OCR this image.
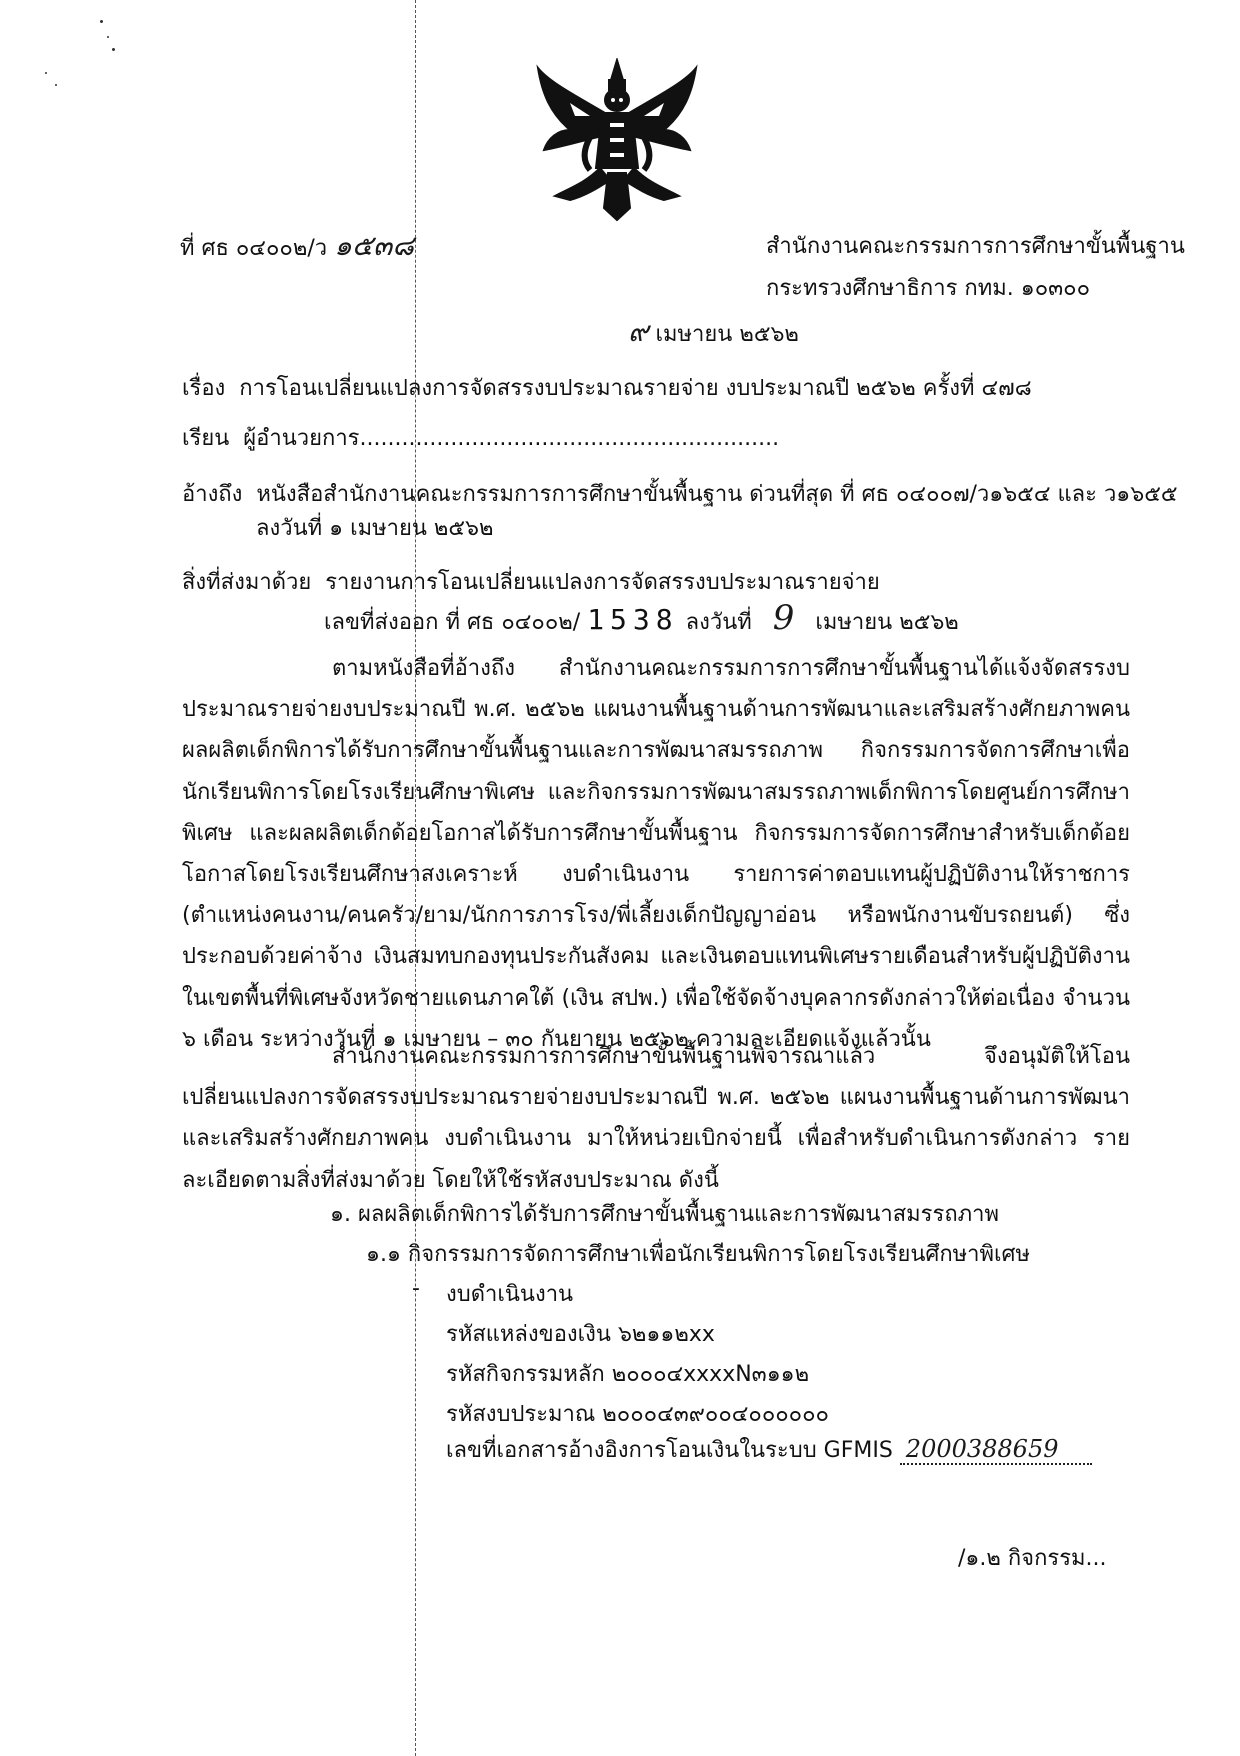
ที่ ศธ ๐๔๐๐๒/ว ๑๕๓๘	สำนักงานคณะกรรมการการศึกษาขั้นพื้นฐาน
กระทรวงศึกษาธิการ กทม. ๑๐๓๐๐
๙ เมษายน ๒๕๖๒
เรื่อง การโอนเปลี่ยนแปลงการจัดสรรงบประมาณรายจ่าย งบประมาณปี ๒๕๖๒ ครั้งที่ ๔๗๘
เรียน ผู้อำนวยการ............................................................
อ้างถึง หนังสือสำนักงานคณะกรรมการการศึกษาขั้นพื้นฐาน ด่วนที่สุด ที่ ศธ ๐๔๐๐๗/ว๑๖๕๔ และ ว๑๖๕๕
ลงวันที่ ๑ เมษายน ๒๕๖๒
สิ่งที่ส่งมาด้วย รายงานการโอนเปลี่ยนแปลงการจัดสรรงบประมาณรายจ่าย
เลขที่ส่งออก ที่ ศธ ๐๔๐๐๒/ 1538 ลงวันที่ 9 เมษายน ๒๕๖๒
ตามหนังสือที่อ้างถึง สำนักงานคณะกรรมการการศึกษาขั้นพื้นฐานได้แจ้งจัดสรรงบประมาณรายจ่ายงบประมาณปี พ.ศ. ๒๕๖๒ แผนงานพื้นฐานด้านการพัฒนาและเสริมสร้างศักยภาพคน ผลผลิตเด็กพิการได้รับการศึกษาขั้นพื้นฐานและการพัฒนาสมรรถภาพ กิจกรรมการจัดการศึกษาเพื่อนักเรียนพิการโดยโรงเรียนศึกษาพิเศษ และกิจกรรมการพัฒนาสมรรถภาพเด็กพิการโดยศูนย์การศึกษาพิเศษ และผลผลิตเด็กด้อยโอกาสได้รับการศึกษาขั้นพื้นฐาน กิจกรรมการจัดการศึกษาสำหรับเด็กด้อยโอกาสโดยโรงเรียนศึกษาสงเคราะห์ งบดำเนินงาน รายการค่าตอบแทนผู้ปฏิบัติงานให้ราชการ (ตำแหน่งคนงาน/คนครัว/ยาม/นักการภารโรง/พี่เลี้ยงเด็กปัญญาอ่อน หรือพนักงานขับรถยนต์) ซึ่งประกอบด้วยค่าจ้าง เงินสมทบกองทุนประกันสังคม และเงินตอบแทนพิเศษรายเดือนสำหรับผู้ปฏิบัติงานในเขตพื้นที่พิเศษจังหวัดชายแดนภาคใต้ (เงิน สปพ.) เพื่อใช้จัดจ้างบุคลากรดังกล่าวให้ต่อเนื่อง จำนวน ๖ เดือน ระหว่างวันที่ ๑ เมษายน – ๓๐ กันยายน ๒๕๖๒ ความละเอียดแจ้งแล้วนั้น
สำนักงานคณะกรรมการการศึกษาขั้นพื้นฐานพิจารณาแล้ว จึงอนุมัติให้โอนเปลี่ยนแปลงการจัดสรรงบประมาณรายจ่ายงบประมาณปี พ.ศ. ๒๕๖๒ แผนงานพื้นฐานด้านการพัฒนาและเสริมสร้างศักยภาพคน งบดำเนินงาน มาให้หน่วยเบิกจ่ายนี้ เพื่อสำหรับดำเนินการดังกล่าว รายละเอียดตามสิ่งที่ส่งมาด้วย โดยให้ใช้รหัสงบประมาณ ดังนี้
๑. ผลผลิตเด็กพิการได้รับการศึกษาขั้นพื้นฐานและการพัฒนาสมรรถภาพ
๑.๑ กิจกรรมการจัดการศึกษาเพื่อนักเรียนพิการโดยโรงเรียนศึกษาพิเศษ
- งบดำเนินงาน
รหัสแหล่งของเงิน ๖๒๑๑๒xx
รหัสกิจกรรมหลัก ๒๐๐๐๔xxxxN๓๑๑๒
รหัสงบประมาณ ๒๐๐๐๔๓๙๐๐๔๐๐๐๐๐๐
เลขที่เอกสารอ้างอิงการโอนเงินในระบบ GFMIS 2000388659
/๑.๒ กิจกรรม...
